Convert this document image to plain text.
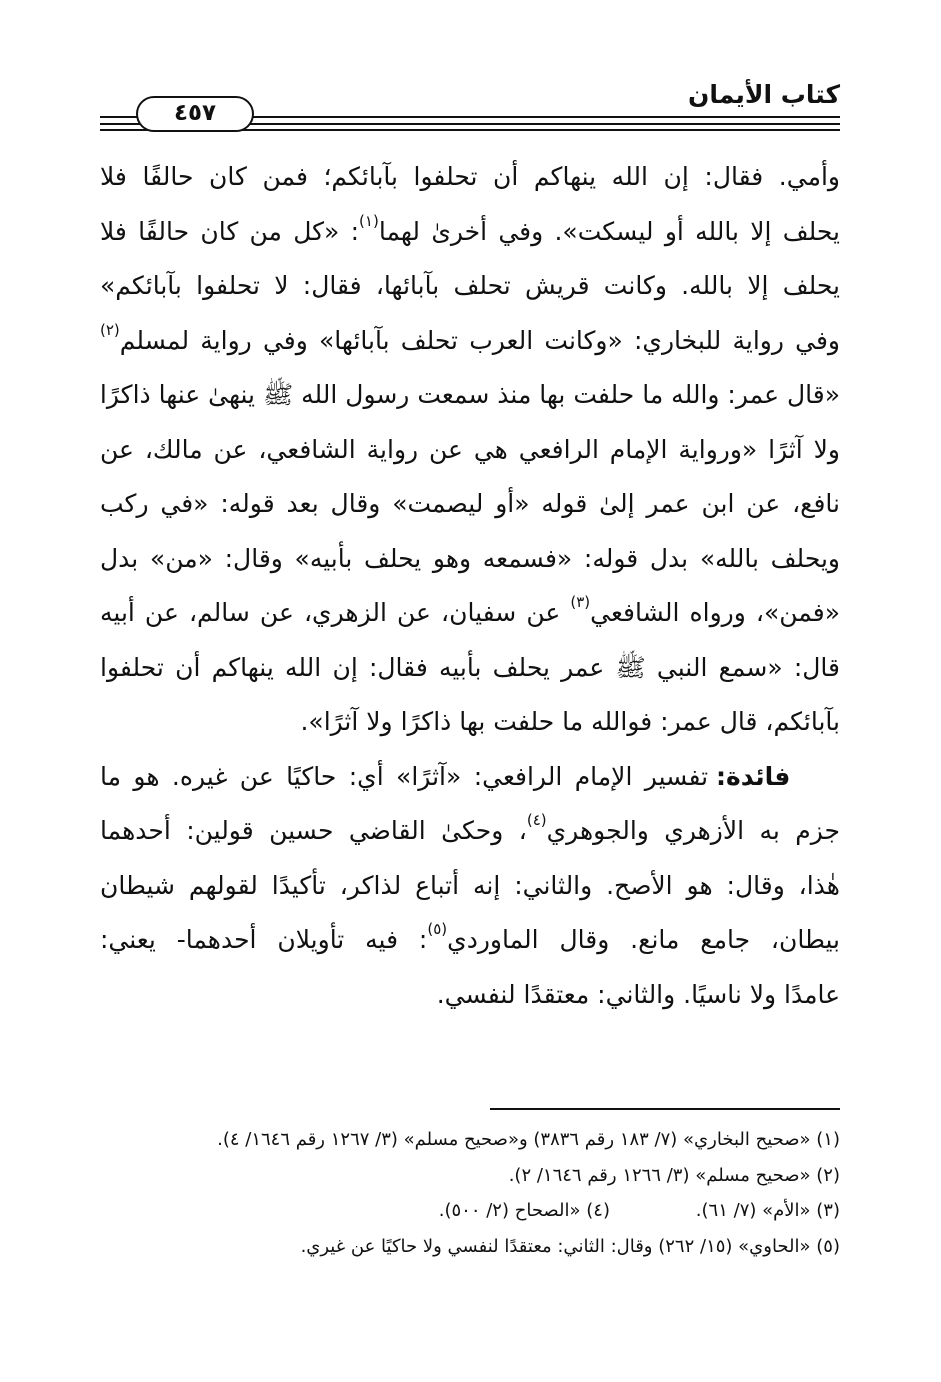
كتاب الأيمان
٤٥٧
وأمي. فقال: إن الله ينهاكم أن تحلفوا بآبائكم؛ فمن كان حالفًا فلا
يحلف إلا بالله أو ليسكت». وفي أخرىٰ لهما$^{(١)}$: «كل من كان حالفًا فلا
يحلف إلا بالله. وكانت قريش تحلف بآبائها، فقال: لا تحلفوا بآبائكم»
وفي رواية للبخاري: «وكانت العرب تحلف بآبائها» وفي رواية لمسلم$^{(٢)}$
«قال عمر: والله ما حلفت بها منذ سمعت رسول الله ﷺ ينهىٰ عنها ذاكرًا
ولا آثرًا «ورواية الإمام الرافعي هي عن رواية الشافعي، عن مالك، عن
نافع، عن ابن عمر إلىٰ قوله «أو ليصمت» وقال بعد قوله: «في ركب
ويحلف بالله» بدل قوله: «فسمعه وهو يحلف بأبيه» وقال: «من» بدل
«فمن»، ورواه الشافعي$^{(٣)}$ عن سفيان، عن الزهري، عن سالم، عن أبيه
قال: «سمع النبي ﷺ عمر يحلف بأبيه فقال: إن الله ينهاكم أن تحلفوا
بآبائكم، قال عمر: فوالله ما حلفت بها ذاكرًا ولا آثرًا».
فائدة: تفسير الإمام الرافعي: «آثرًا» أي: حاكيًا عن غيره. هو ما
جزم به الأزهري والجوهري$^{(٤)}$، وحكىٰ القاضي حسين قولين: أحدهما
هٰذا، وقال: هو الأصح. والثاني: إنه أتباع لذاكر، تأكيدًا لقولهم شيطان
بيطان، جامع مانع. وقال الماوردي$^{(٥)}$: فيه تأويلان أحدهما- يعني:
عامدًا ولا ناسيًا. والثاني: معتقدًا لنفسي.
(١) «صحيح البخاري» (٧/ ١٨٣ رقم ٣٨٣٦) و«صحيح مسلم» (٣/ ١٢٦٧ رقم ١٦٤٦/ ٤).
(٢) «صحيح مسلم» (٣/ ١٢٦٦ رقم ١٦٤٦/ ٢).
(٣) «الأم» (٧/ ٦١).
(٤) «الصحاح (٢/ ٥٠٠).
(٥) «الحاوي» (١٥/ ٢٦٢) وقال: الثاني: معتقدًا لنفسي ولا حاكيًا عن غيري.
